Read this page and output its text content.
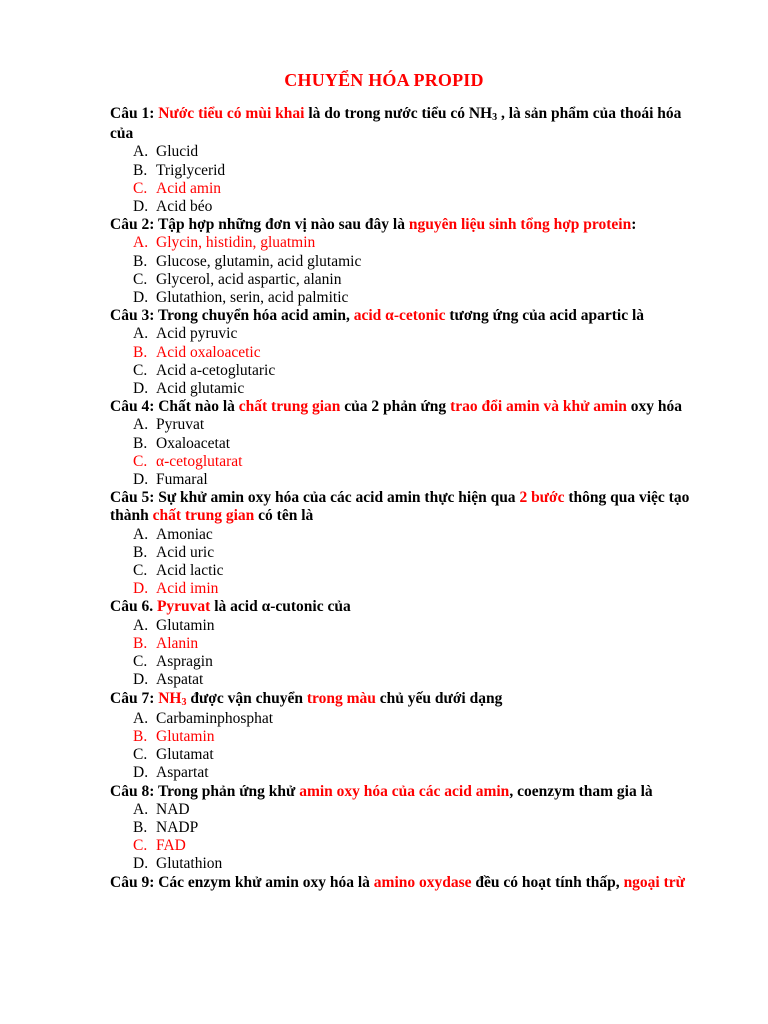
CHUYỂN HÓA PROPID

Câu 1: Nước tiểu có mùi khai là do trong nước tiểu có $NH_3$ , là sản phẩm của thoái hóa của

A. Glucid
B. Triglycerid
C. Acid amin
D. Acid béo

Câu 2: Tập hợp những đơn vị nào sau đây là nguyên liệu sinh tổng hợp protein:

A. Glycin, histidin, gluatmin
B. Glucose, glutamin, acid glutamic
C. Glycerol, acid aspartic, alanin
D. Glutathion, serin, acid palmitic

Câu 3: Trong chuyển hóa acid amin, acid α-cetonic tương ứng của acid apartic là

A. Acid pyruvic
B. Acid oxaloacetic
C. Acid a-cetoglutaric
D. Acid glutamic

Câu 4: Chất nào là chất trung gian của 2 phản ứng trao đổi amin và khử amin oxy hóa

A. Pyruvat
B. Oxaloacetat
C. α-cetoglutarat
D. Fumaral

Câu 5: Sự khử amin oxy hóa của các acid amin thực hiện qua 2 bước thông qua việc tạo thành chất trung gian có tên là

A. Amoniac
B. Acid uric
C. Acid lactic
D. Acid imin

Câu 6. Pyruvat là acid α-cutonic của

A. Glutamin
B. Alanin
C. Aspragin
D. Aspatat

Câu 7: $NH_3$ được vận chuyển trong màu chủ yếu dưới dạng

A. Carbaminphosphat
B. Glutamin
C. Glutamat
D. Aspartat

Câu 8: Trong phản ứng khử amin oxy hóa của các acid amin, coenzym tham gia là

A. NAD
B. NADP
C. FAD
D. Glutathion

Câu 9: Các enzym khử amin oxy hóa là amino oxydase đều có hoạt tính thấp, ngoại trừ
